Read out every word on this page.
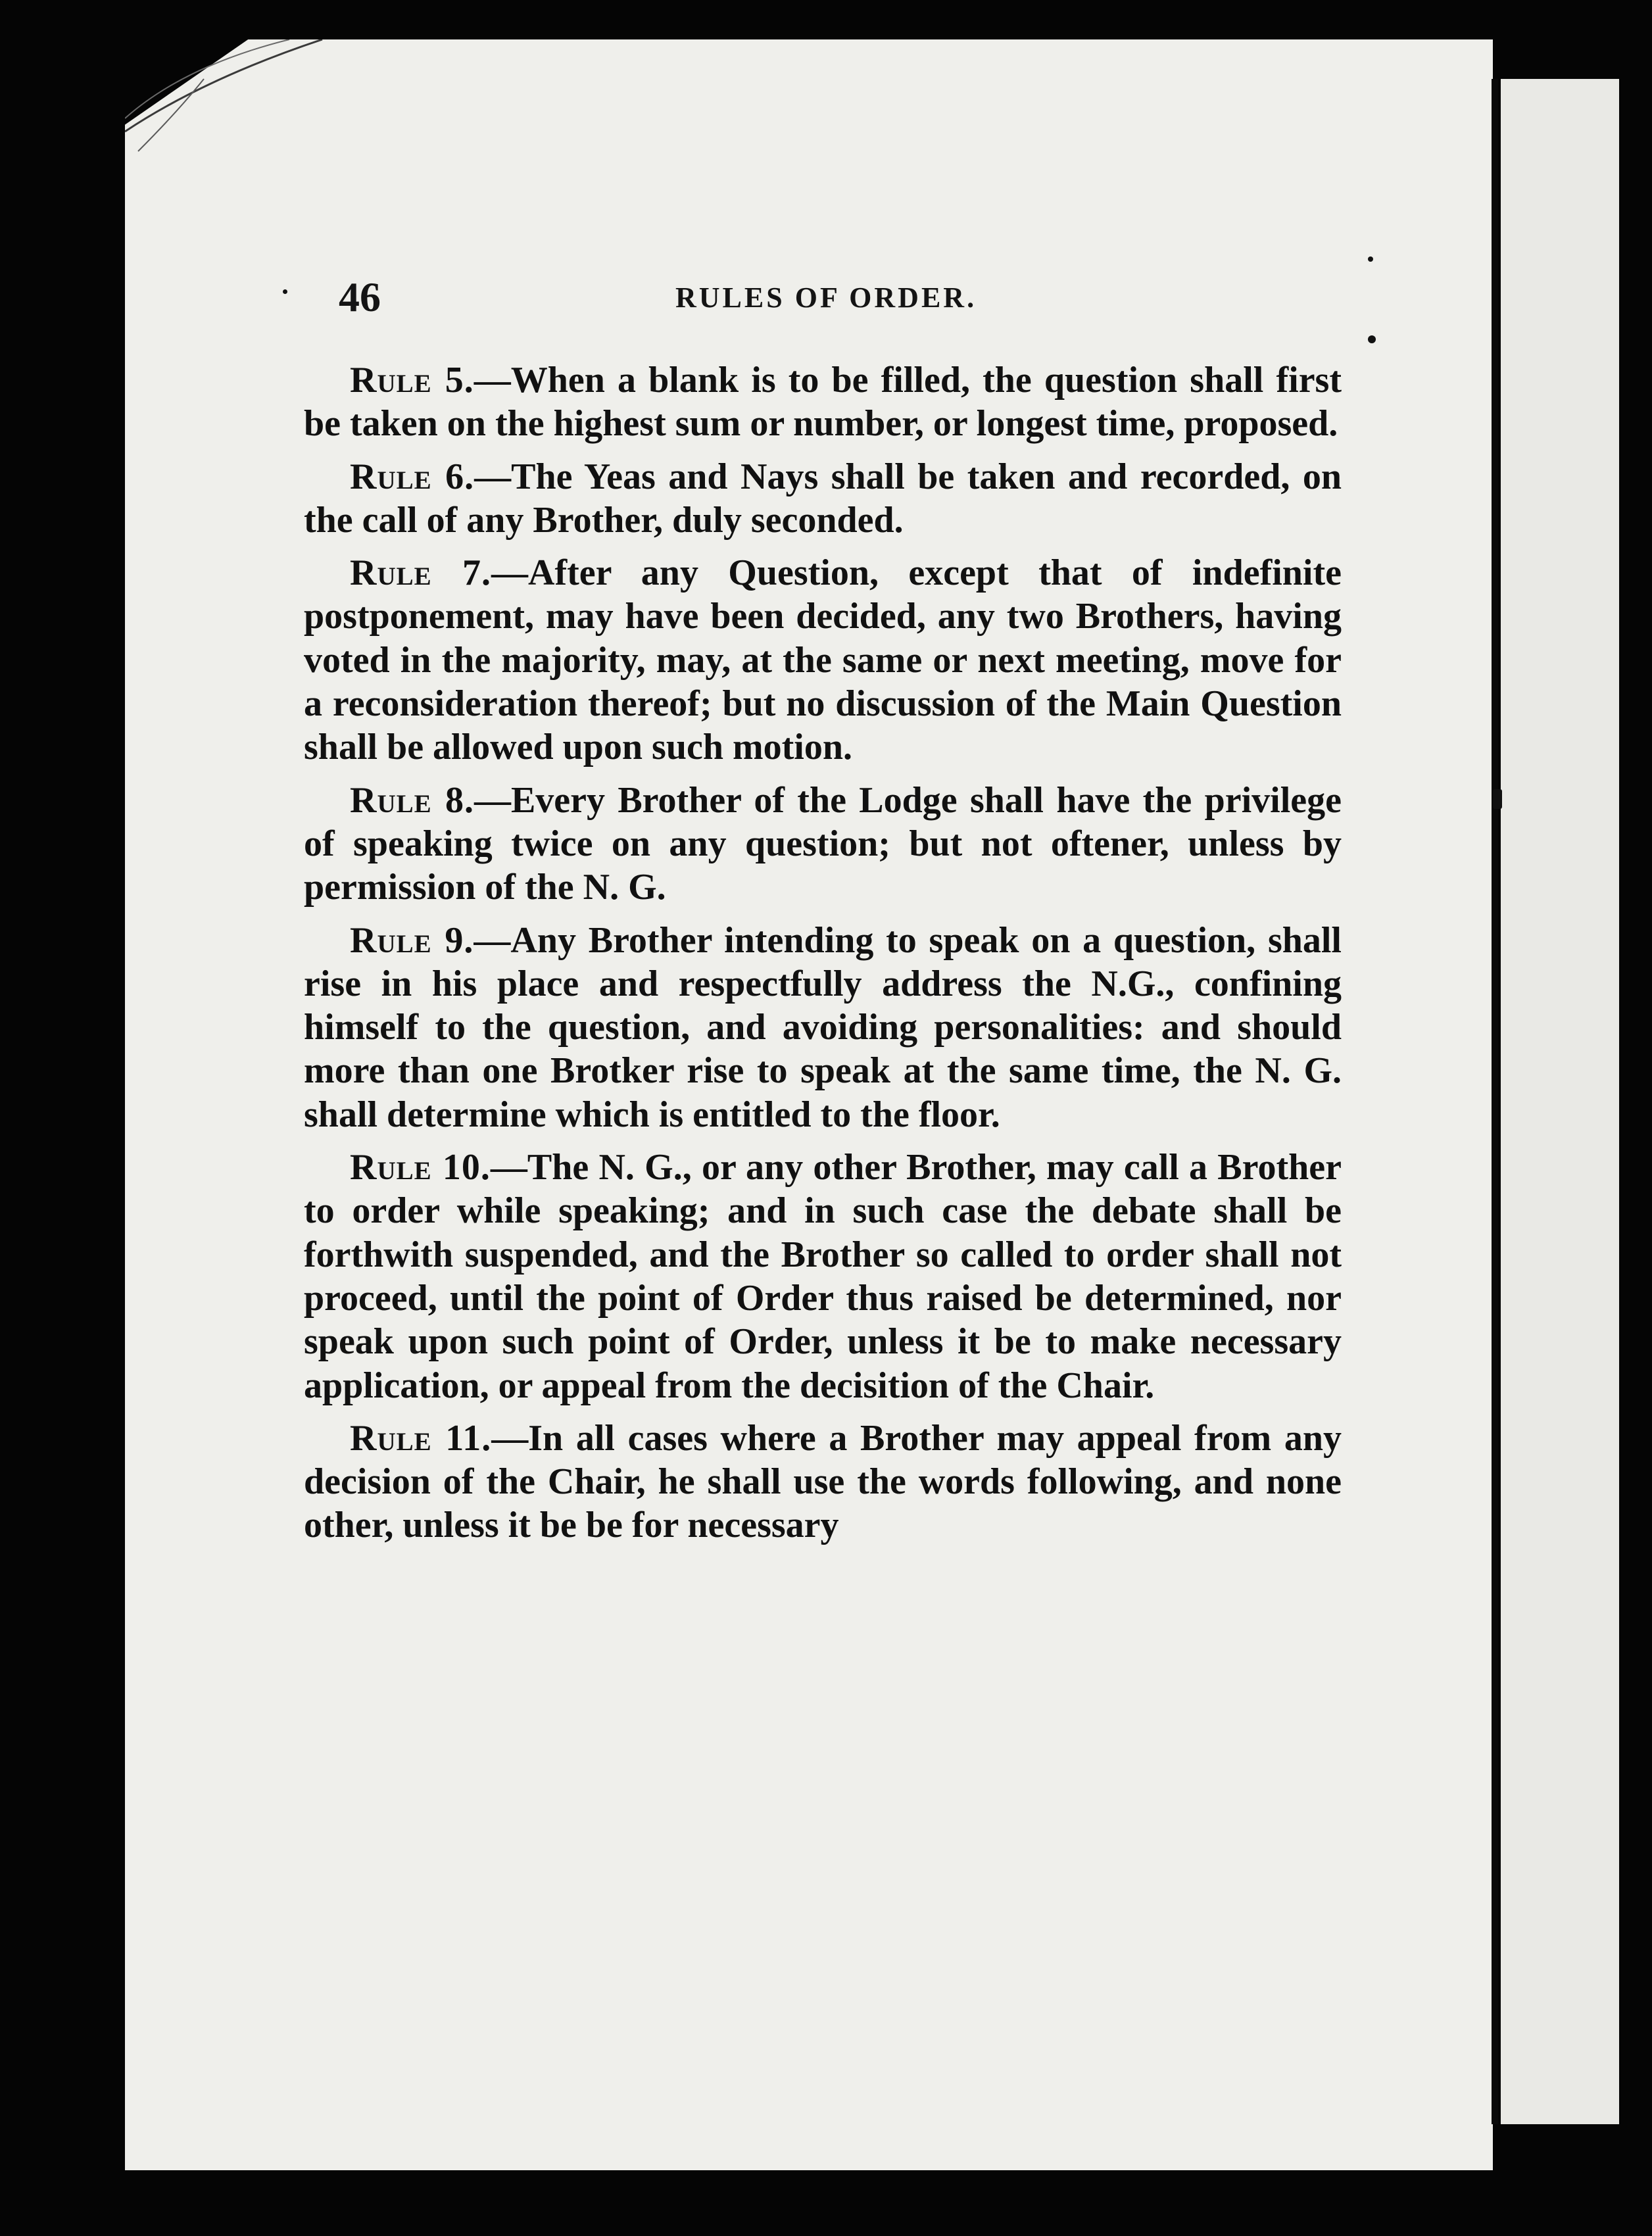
46	RULES OF ORDER.

Rule 5.—When a blank is to be filled, the question shall first be taken on the highest sum or number, or longest time, proposed.

Rule 6.—The Yeas and Nays shall be taken and recorded, on the call of any Brother, duly seconded.

Rule 7.—After any Question, except that of indefinite postponement, may have been decided, any two Brothers, having voted in the majority, may, at the same or next meeting, move for a reconsideration thereof; but no discussion of the Main Question shall be allowed upon such motion.

Rule 8.—Every Brother of the Lodge shall have the privilege of speaking twice on any question; but not oftener, unless by permission of the N. G.

Rule 9.—Any Brother intending to speak on a question, shall rise in his place and respectfully address the N.G., confining himself to the question, and avoiding personalities: and should more than one Brotker rise to speak at the same time, the N. G. shall determine which is entitled to the floor.

Rule 10.—The N. G., or any other Brother, may call a Brother to order while speaking; and in such case the debate shall be forthwith suspended, and the Brother so called to order shall not proceed, until the point of Order thus raised be determined, nor speak upon such point of Order, unless it be to make necessary application, or appeal from the decisition of the Chair.

Rule 11.—In all cases where a Brother may appeal from any decision of the Chair, he shall use the words following, and none other, unless it be be for necessary
